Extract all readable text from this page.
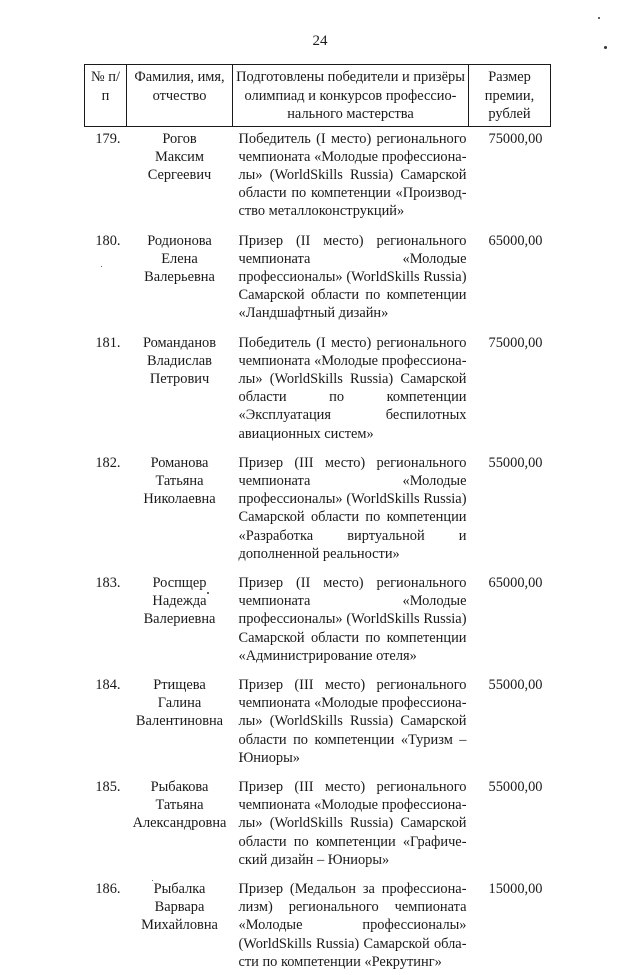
24
№ п/п	Фамилия, имя, отчество	Подготовлены победители и призёры олимпиад и конкурсов профессионального мастерства	Размер премии, рублей
179.	Рогов
Максим
Сергеевич	Победитель (I место) регионального чемпионата «Молодые профессионалы» (WorldSkills Russia) Самарской области по компетенции «Производство металлоконструкций»	75000,00
180.	Родионова
Елена
Валерьевна	Призер (II место) регионального чемпионата «Молодые профессионалы» (WorldSkills Russia) Самарской области по компетенции «Ландшафтный дизайн»	65000,00
181.	Романданов
Владислав
Петрович	Победитель (I место) регионального чемпионата «Молодые профессионалы» (WorldSkills Russia) Самарской области по компетенции «Эксплуатация беспилотных авиационных систем»	75000,00
182.	Романова
Татьяна
Николаевна	Призер (III место) регионального чемпионата «Молодые профессионалы» (WorldSkills Russia) Самарской области по компетенции «Разработка виртуальной и дополненной реальности»	55000,00
183.	Роспщер
Надежда
Валериевна	Призер (II место) регионального чемпионата «Молодые профессионалы» (WorldSkills Russia) Самарской области по компетенции «Администрирование отеля»	65000,00
184.	Ртищева
Галина
Валентиновна	Призер (III место) регионального чемпионата «Молодые профессионалы» (WorldSkills Russia) Самарской области по компетенции «Туризм – Юниоры»	55000,00
185.	Рыбакова
Татьяна
Александровна	Призер (III место) регионального чемпионата «Молодые профессионалы» (WorldSkills Russia) Самарской области по компетенции «Графический дизайн – Юниоры»	55000,00
186.	Рыбалка
Варвара
Михайловна	Призер (Медальон за профессионализм) регионального чемпионата «Молодые профессионалы» (WorldSkills Russia) Самарской области по компетенции «Рекрутинг»	15000,00
